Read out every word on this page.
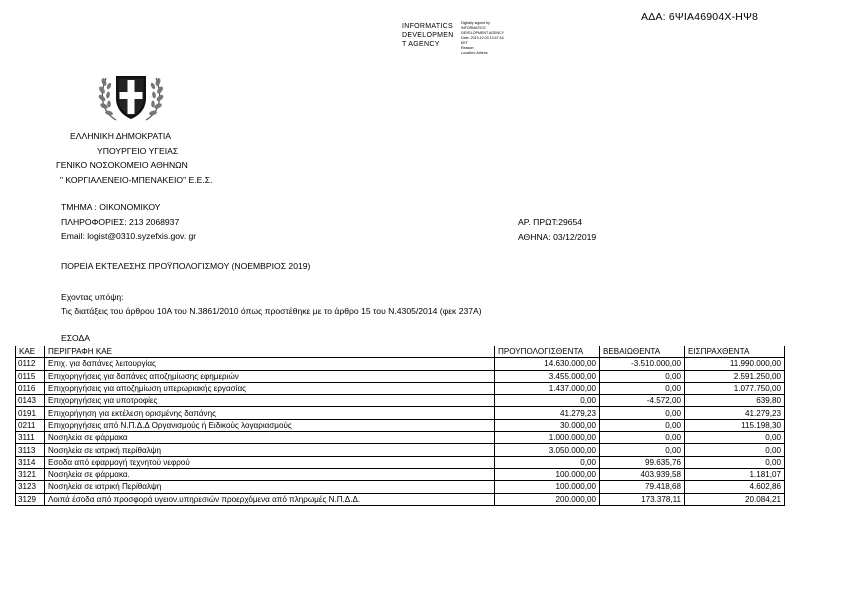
ΑΔΑ: 6ΨΙΑ46904Χ-ΗΨ8
INFORMATICS
DEVELOPMEN
T AGENCY
Digitally signed by
INFORMATICS
DEVELOPMENT AGENCY
Date: 2019.12.03 13:47:16
EET
Reason:
Location: Athens
ΕΛΛΗΝΙΚΗ ΔΗΜΟΚΡΑΤΙΑ
ΥΠΟΥΡΓΕΙΟ ΥΓΕΙΑΣ
ΓΕΝΙΚΟ ΝΟΣΟΚΟΜΕΙΟ ΑΘΗΝΩΝ
" ΚΟΡΓΙΑΛΕΝΕΙΟ-ΜΠΕΝΑΚΕΙΟ" Ε.Ε.Σ.
ΤΜΗΜΑ : ΟΙΚΟΝΟΜΙΚΟΥ
ΠΛΗΡΟΦΟΡΙΕΣ: 213 2068937
Email: logist@0310.syzefxis.gov. gr
ΑΡ. ΠΡΩΤ:29654
ΑΘΗΝΑ: 03/12/2019
ΠΟΡΕΙΑ ΕΚΤΕΛΕΣΗΣ ΠΡΟΫΠΟΛΟΓΙΣΜΟΥ (ΝΟΕΜΒΡΙΟΣ 2019)
Εχοντας υπόψη:
Τις διατάξεις του άρθρου 10Α του Ν.3861/2010 όπως προστέθηκε με το άρθρο 15 του Ν.4305/2014 (φεκ 237Α)
ΕΣΟΔΑ
ΚΑΕ	ΠΕΡΙΓΡΑΦΗ ΚΑΕ	ΠΡΟΥΠΟΛΟΓΙΣΘΕΝΤΑ	ΒΕΒΑΙΩΘΕΝΤΑ	ΕΙΣΠΡΑΧΘΕΝΤΑ
0112	Επιχ. για δαπάνες λειτουργίας	14.630.000,00	-3.510.000,00	11.990.000,00
0115	Επιχορηγήσεις για δαπάνες αποζημίωσης εφημεριών	3.455.000,00	0,00	2.591.250,00
0116	Επιχορηγήσεις για αποζημίωση υπερωριακής εργασίας	1.437.000,00	0,00	1.077.750,00
0143	Επιχορηγήσεις για υποτροφίες	0,00	-4.572,00	639,80
0191	Επιχορήγηση για εκτέλεση ορισμένης δαπάνης	41.279,23	0,00	41.279,23
0211	Επιχορηγήσεις από Ν.Π.Δ.Δ Οργανισμούς ή Ειδικούς λογαριασμούς	30.000,00	0,00	115.198,30
3111	Νοσηλεία σε φάρμακα	1.000.000,00	0,00	0,00
3113	Νοσηλεία σε ιατρική περίθαλψη	3.050.000,00	0,00	0,00
3114	Εσοδα από εφαρμογή τεχνητού νεφρού	0,00	99.635,76	0,00
3121	Νοσηλεία σε φάρμακα.	100.000,00	403.939,58	1.181,07
3123	Νοσηλεία σε ιατρική Περίθαλψη	100.000,00	79.418,68	4.602,86
3129	Λοιπά έσοδα από προσφορά υγειον.υπηρεσιών προερχόμενα από πληρωμές Ν.Π.Δ.Δ.	200.000,00	173.378,11	20.084,21
